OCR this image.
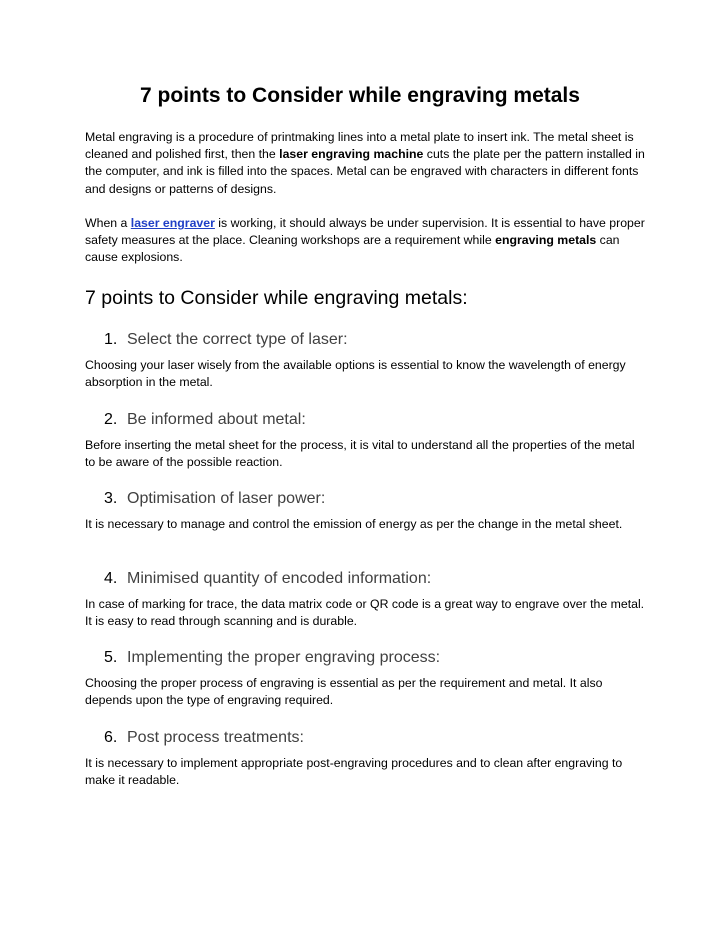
7 points to Consider while engraving metals

Metal engraving is a procedure of printmaking lines into a metal plate to insert ink. The metal sheet is cleaned and polished first, then the laser engraving machine cuts the plate per the pattern installed in the computer, and ink is filled into the spaces. Metal can be engraved with characters in different fonts and designs or patterns of designs.

When a laser engraver is working, it should always be under supervision. It is essential to have proper safety measures at the place. Cleaning workshops are a requirement while engraving metals can cause explosions.

7 points to Consider while engraving metals:
1. Select the correct type of laser:

Choosing your laser wisely from the available options is essential to know the wavelength of energy absorption in the metal.

2. Be informed about metal:

Before inserting the metal sheet for the process, it is vital to understand all the properties of the metal to be aware of the possible reaction.

3. Optimisation of laser power:

It is necessary to manage and control the emission of energy as per the change in the metal sheet.

4. Minimised quantity of encoded information:

In case of marking for trace, the data matrix code or QR code is a great way to engrave over the metal. It is easy to read through scanning and is durable.

5. Implementing the proper engraving process:

Choosing the proper process of engraving is essential as per the requirement and metal. It also depends upon the type of engraving required.

6. Post process treatments:

It is necessary to implement appropriate post-engraving procedures and to clean after engraving to make it readable.
